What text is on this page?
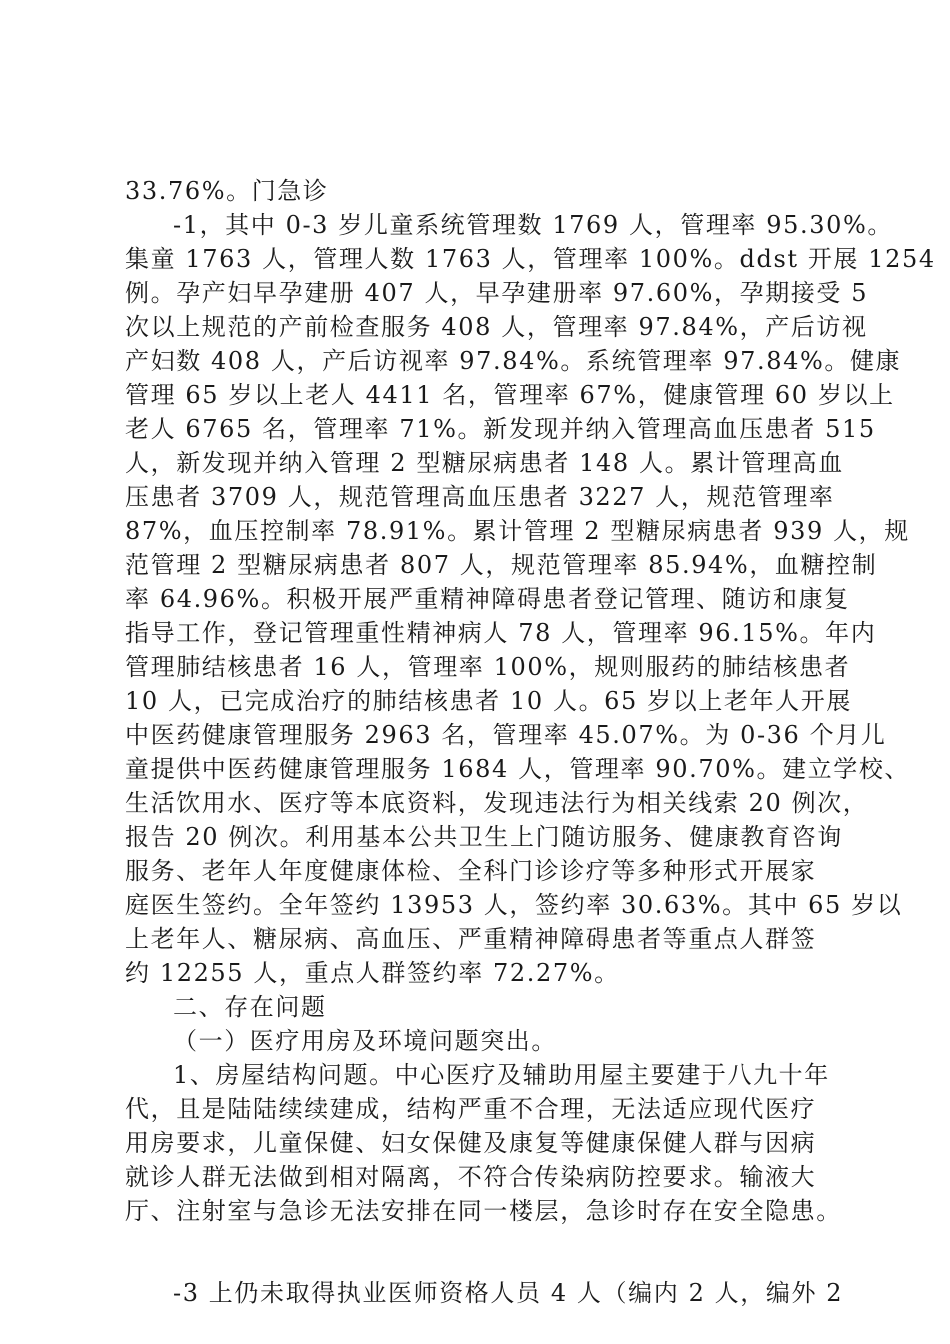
33.76%。门急诊
-1，其中 0-3 岁儿童系统管理数 1769 人，管理率 95.30%。
集童 1763 人，管理人数 1763 人，管理率 100%。ddst 开展 1254
例。孕产妇早孕建册 407 人，早孕建册率 97.60%，孕期接受 5
次以上规范的产前检查服务 408 人，管理率 97.84%，产后访视
产妇数 408 人，产后访视率 97.84%。系统管理率 97.84%。健康
管理 65 岁以上老人 4411 名，管理率 67%，健康管理 60 岁以上
老人 6765 名，管理率 71%。新发现并纳入管理高血压患者 515
人，新发现并纳入管理 2 型糖尿病患者 148 人。累计管理高血
压患者 3709 人，规范管理高血压患者 3227 人，规范管理率
87%，血压控制率 78.91%。累计管理 2 型糖尿病患者 939 人，规
范管理 2 型糖尿病患者 807 人，规范管理率 85.94%，血糖控制
率 64.96%。积极开展严重精神障碍患者登记管理、随访和康复
指导工作，登记管理重性精神病人 78 人，管理率 96.15%。年内
管理肺结核患者 16 人，管理率 100%，规则服药的肺结核患者
10 人，已完成治疗的肺结核患者 10 人。65 岁以上老年人开展
中医药健康管理服务 2963 名，管理率 45.07%。为 0-36 个月儿
童提供中医药健康管理服务 1684 人，管理率 90.70%。建立学校、
生活饮用水、医疗等本底资料，发现违法行为相关线索 20 例次，
报告 20 例次。利用基本公共卫生上门随访服务、健康教育咨询
服务、老年人年度健康体检、全科门诊诊疗等多种形式开展家
庭医生签约。全年签约 13953 人，签约率 30.63%。其中 65 岁以
上老年人、糖尿病、高血压、严重精神障碍患者等重点人群签
约 12255 人，重点人群签约率 72.27%。
二、存在问题
（一）医疗用房及环境问题突出。
1、房屋结构问题。中心医疗及辅助用屋主要建于八九十年
代，且是陆陆续续建成，结构严重不合理，无法适应现代医疗
用房要求，儿童保健、妇女保健及康复等健康保健人群与因病
就诊人群无法做到相对隔离，不符合传染病防控要求。输液大
厅、注射室与急诊无法安排在同一楼层，急诊时存在安全隐患。
-3 上仍未取得执业医师资格人员 4 人（编内 2 人，编外 2
